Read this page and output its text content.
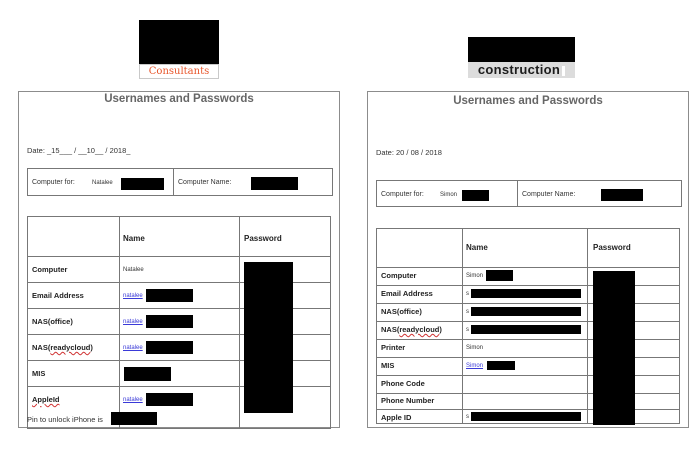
Consultants	construction
Usernames and Passwords
Date: _15___ / __10__ / 2018_
Computer for:	Natalee	Computer Name:
Name	Password
Computer	Natalee
Email Address	natalee
NAS(office)	natalee
NAS(readycloud)	natalee
MIS
AppleId	natalee
Pin to unlock iPhone is
Usernames and Passwords
Date: 20 / 08 / 2018
Computer for:	Simon	Computer Name:
Name	Password
Computer	Simon
Email Address	s
NAS(office)	s
NAS(readycloud)	s
Printer	Simon
MIS	Simon
Phone Code
Phone Number
Apple ID	s
